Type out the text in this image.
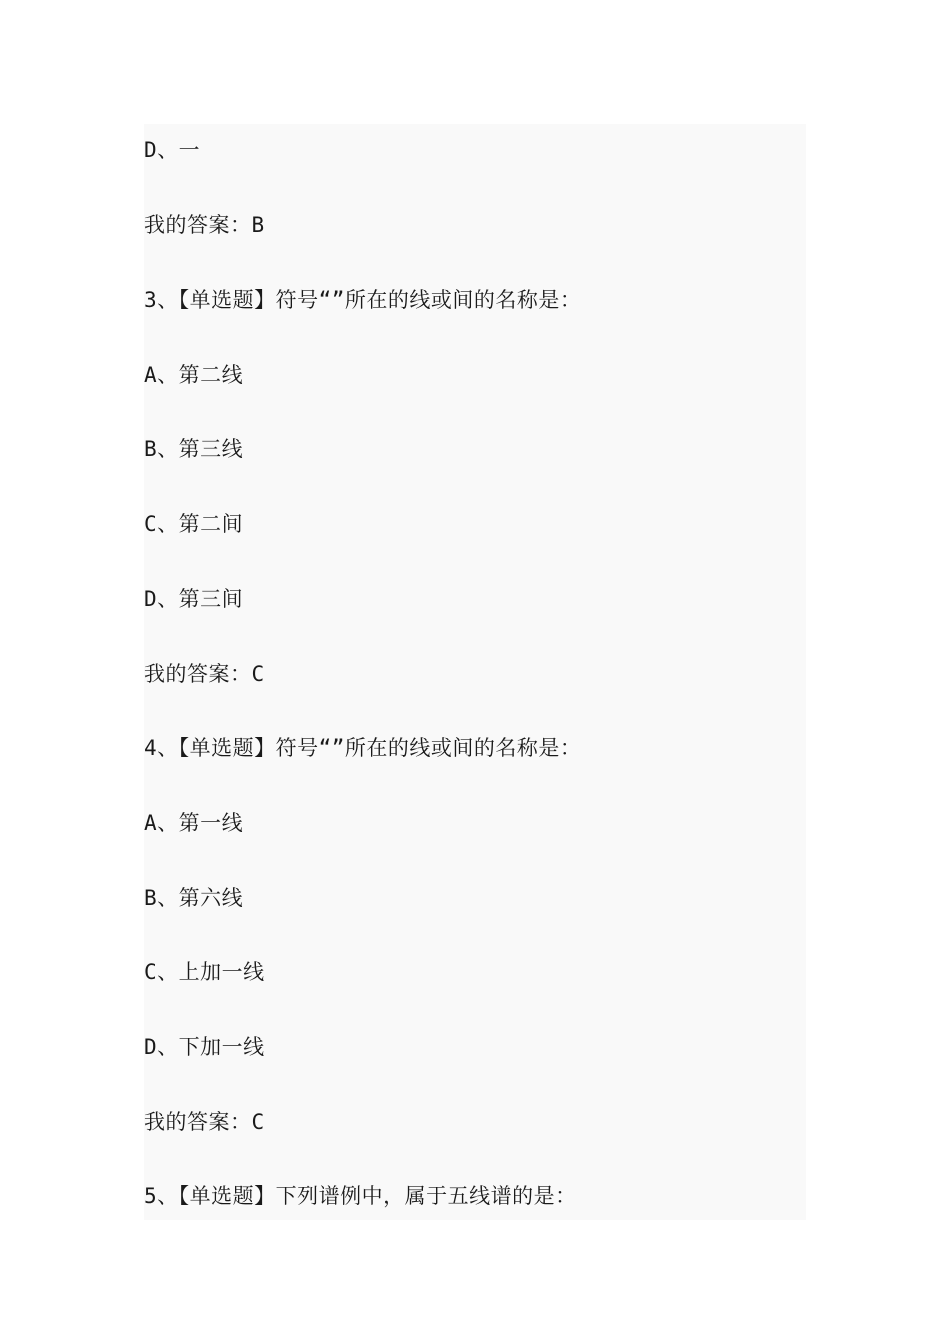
D、一
我的答案：B
3、【单选题】符号“”所在的线或间的名称是：
A、第二线
B、第三线
C、第二间
D、第三间
我的答案：C
4、【单选题】符号“”所在的线或间的名称是：
A、第一线
B、第六线
C、上加一线
D、下加一线
我的答案：C
5、【单选题】下列谱例中，属于五线谱的是：
